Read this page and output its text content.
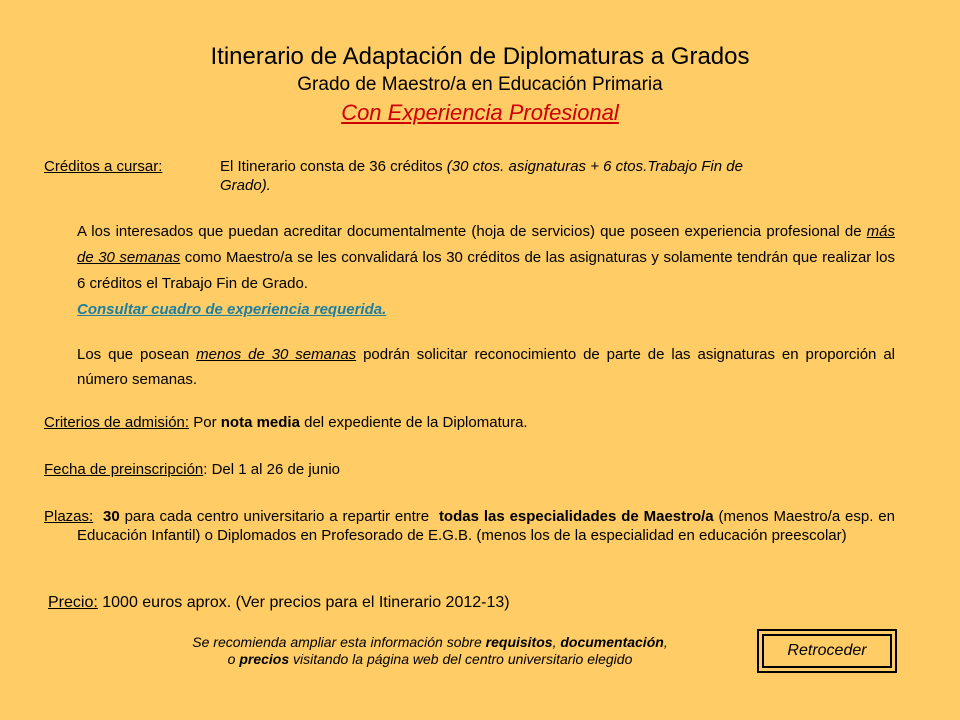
Itinerario de Adaptación de Diplomaturas a Grados
Grado de Maestro/a en Educación Primaria
Con Experiencia Profesional
Créditos a cursar:	El Itinerario consta de 36 créditos (30 ctos. asignaturas + 6 ctos.Trabajo Fin de
Grado).
A los interesados que puedan acreditar documentalmente (hoja de servicios) que poseen experiencia profesional de más de 30 semanas como Maestro/a se les convalidará los 30 créditos de las asignaturas y solamente tendrán que realizar los 6 créditos el Trabajo Fin de Grado.
Consultar cuadro de experiencia requerida.
Los que posean menos de 30 semanas podrán solicitar reconocimiento de parte de las asignaturas en proporción al número semanas.
Criterios de admisión: Por nota media del expediente de la Diplomatura.
Fecha de preinscripción: Del 1 al 26 de junio
Plazas: 30 para cada centro universitario a repartir entre  todas las especialidades de Maestro/a (menos Maestro/a esp. en Educación Infantil) o Diplomados en Profesorado de E.G.B. (menos los de la especialidad en educación preescolar)
Precio: 1000 euros aprox. (Ver precios para el Itinerario 2012-13)
Se recomienda ampliar esta información sobre requisitos, documentación,
o precios visitando la página web del centro universitario elegido	Retroceder
